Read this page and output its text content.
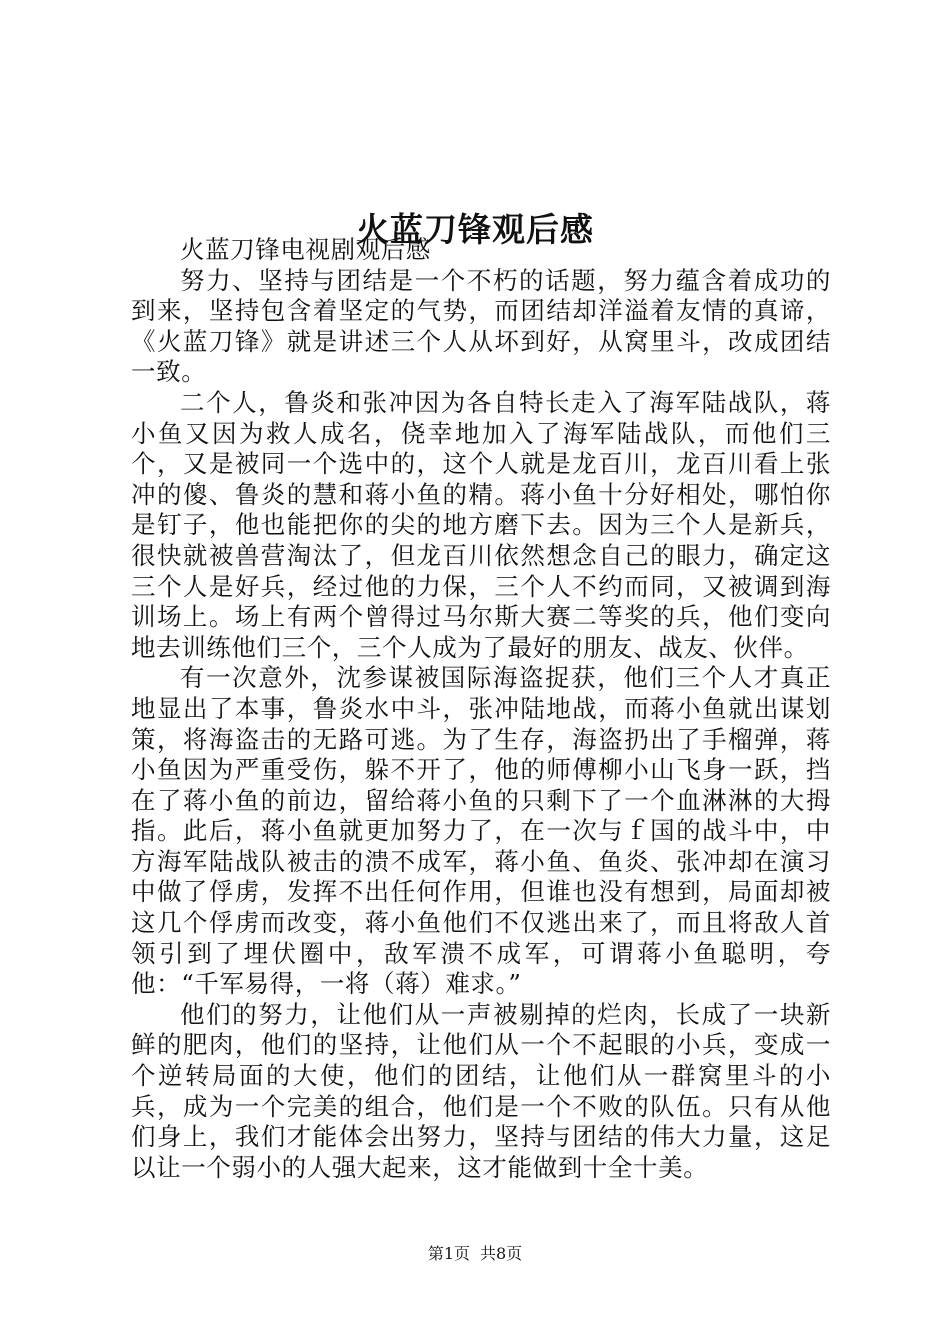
火蓝刀锋观后感

火蓝刀锋电视剧观后感

努力、坚持与团结是一个不朽的话题，努力蕴含着成功的到来，坚持包含着坚定的气势，而团结却洋溢着友情的真谛，《火蓝刀锋》就是讲述三个人从坏到好，从窝里斗，改成团结一致。

二个人，鲁炎和张冲因为各自特长走入了海军陆战队，蒋小鱼又因为救人成名，侥幸地加入了海军陆战队，而他们三个，又是被同一个选中的，这个人就是龙百川，龙百川看上张冲的傻、鲁炎的慧和蒋小鱼的精。蒋小鱼十分好相处，哪怕你是钉子，他也能把你的尖的地方磨下去。因为三个人是新兵，很快就被兽营淘汰了，但龙百川依然想念自己的眼力，确定这三个人是好兵，经过他的力保，三个人不约而同，又被调到海训场上。场上有两个曾得过马尔斯大赛二等奖的兵，他们变向地去训练他们三个，三个人成为了最好的朋友、战友、伙伴。

有一次意外，沈参谋被国际海盗捉获，他们三个人才真正地显出了本事，鲁炎水中斗，张冲陆地战，而蒋小鱼就出谋划策，将海盗击的无路可逃。为了生存，海盗扔出了手榴弹，蒋小鱼因为严重受伤，躲不开了，他的师傅柳小山飞身一跃，挡在了蒋小鱼的前边，留给蒋小鱼的只剩下了一个血淋淋的大拇指。此后，蒋小鱼就更加努力了，在一次与ｆ国的战斗中，中方海军陆战队被击的溃不成军，蒋小鱼、鱼炎、张冲却在演习中做了俘虏，发挥不出任何作用，但谁也没有想到，局面却被这几个俘虏而改变，蒋小鱼他们不仅逃出来了，而且将敌人首领引到了埋伏圈中，敌军溃不成军，可谓蒋小鱼聪明，夸他：“千军易得，一将（蒋）难求。”

他们的努力，让他们从一声被剔掉的烂肉，长成了一块新鲜的肥肉，他们的坚持，让他们从一个不起眼的小兵，变成一个逆转局面的大使，他们的团结，让他们从一群窝里斗的小兵，成为一个完美的组合，他们是一个不败的队伍。只有从他们身上，我们才能体会出努力，坚持与团结的伟大力量，这足以让一个弱小的人强大起来，这才能做到十全十美。

第1页 共8页
